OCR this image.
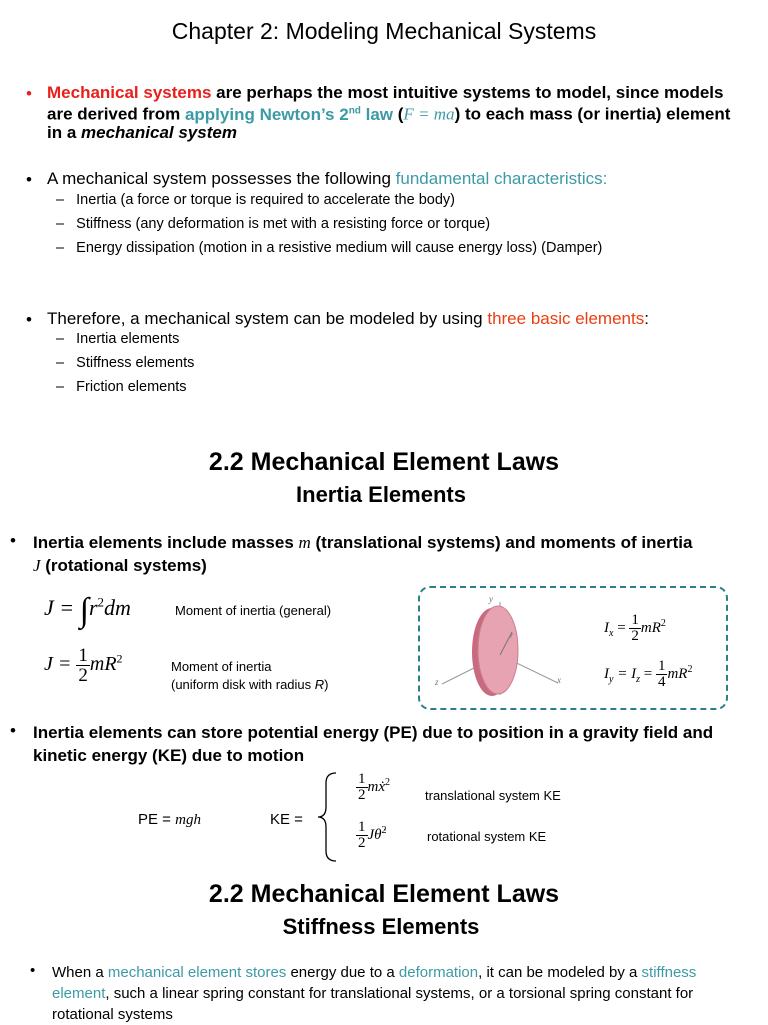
Chapter 2: Modeling Mechanical Systems
• Mechanical systems are perhaps the most intuitive systems to model, since models are derived from applying Newton’s 2nd law (F = ma) to each mass (or inertia) element in a mechanical system
• A mechanical system possesses the following fundamental characteristics:
–   Inertia (a force or torque is required to accelerate the body)
–   Stiffness (any deformation is met with a resisting force or torque)
–   Energy dissipation (motion in a resistive medium will cause energy loss) (Damper)
• Therefore, a mechanical system can be modeled by using three basic elements:
–   Inertia elements
–   Stiffness elements
–   Friction elements
2.2 Mechanical Element Laws
Inertia Elements
• Inertia elements include masses m (translational systems) and moments of inertia
J (rotational systems)
$J = \int r^2dm$	Moment of inertia (general)
$J = \frac{1}{2} mR^2$
Moment of inertia
(uniform disk with radius R)
y
x
z
r	$I_x = \frac{1}{2} mR^2$
$I_y = I_z = \frac{1}{4} mR^2$
• Inertia elements can store potential energy (PE) due to position in a gravity field and kinetic energy (KE) due to motion
PE = mgh	KE =
$\frac{1}{2}$ mẋ$^2$
translational system KE
$\frac{1}{2}$ Jθ̇$^2$	rotational system KE
2.2 Mechanical Element Laws
Stiffness Elements
• When a mechanical element stores energy due to a deformation, it can be modeled by a stiffness element, such a linear spring constant for translational systems, or a torsional spring constant for rotational systems
